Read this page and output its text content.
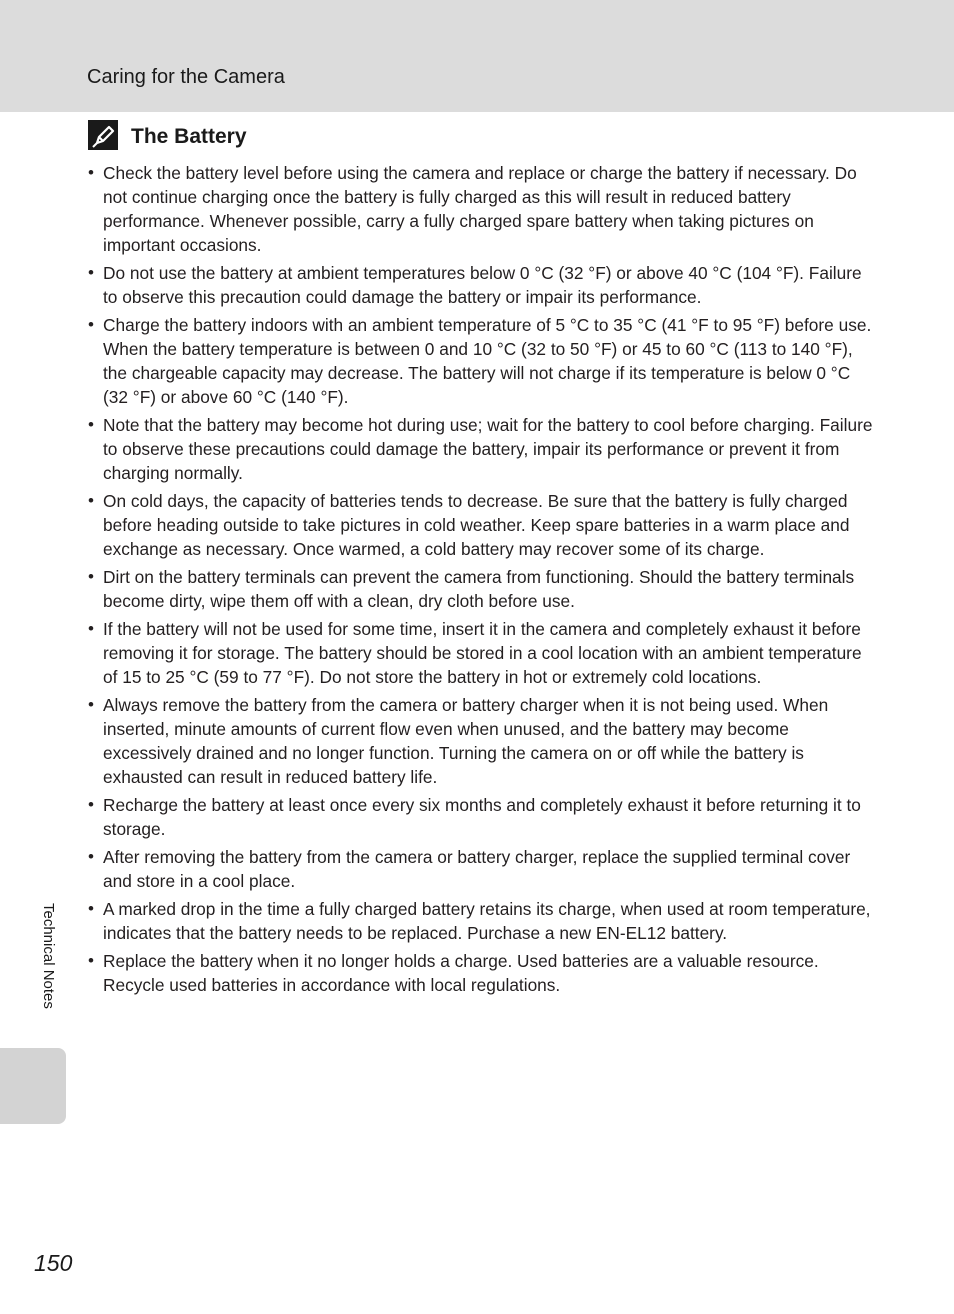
Caring for the Camera
The Battery
• Check the battery level before using the camera and replace or charge the battery if necessary. Do not continue charging once the battery is fully charged as this will result in reduced battery performance. Whenever possible, carry a fully charged spare battery when taking pictures on important occasions.
• Do not use the battery at ambient temperatures below 0 °C (32 °F) or above 40 °C (104 °F). Failure to observe this precaution could damage the battery or impair its performance.
• Charge the battery indoors with an ambient temperature of 5 °C to 35 °C (41 °F to 95 °F) before use. When the battery temperature is between 0 and 10 °C (32 to 50 °F) or 45 to 60 °C (113 to 140 °F), the chargeable capacity may decrease. The battery will not charge if its temperature is below 0 °C (32 °F) or above 60 °C (140 °F).
• Note that the battery may become hot during use; wait for the battery to cool before charging. Failure to observe these precautions could damage the battery, impair its performance or prevent it from charging normally.
• On cold days, the capacity of batteries tends to decrease. Be sure that the battery is fully charged before heading outside to take pictures in cold weather. Keep spare batteries in a warm place and exchange as necessary. Once warmed, a cold battery may recover some of its charge.
• Dirt on the battery terminals can prevent the camera from functioning. Should the battery terminals become dirty, wipe them off with a clean, dry cloth before use.
• If the battery will not be used for some time, insert it in the camera and completely exhaust it before removing it for storage. The battery should be stored in a cool location with an ambient temperature of 15 to 25 °C (59 to 77 °F). Do not store the battery in hot or extremely cold locations.
• Always remove the battery from the camera or battery charger when it is not being used. When inserted, minute amounts of current flow even when unused, and the battery may become excessively drained and no longer function. Turning the camera on or off while the battery is exhausted can result in reduced battery life.
• Recharge the battery at least once every six months and completely exhaust it before returning it to storage.
• After removing the battery from the camera or battery charger, replace the supplied terminal cover and store in a cool place.
• A marked drop in the time a fully charged battery retains its charge, when used at room temperature, indicates that the battery needs to be replaced. Purchase a new EN-EL12 battery.
• Replace the battery when it no longer holds a charge. Used batteries are a valuable resource. Recycle used batteries in accordance with local regulations.
Technical Notes
150
